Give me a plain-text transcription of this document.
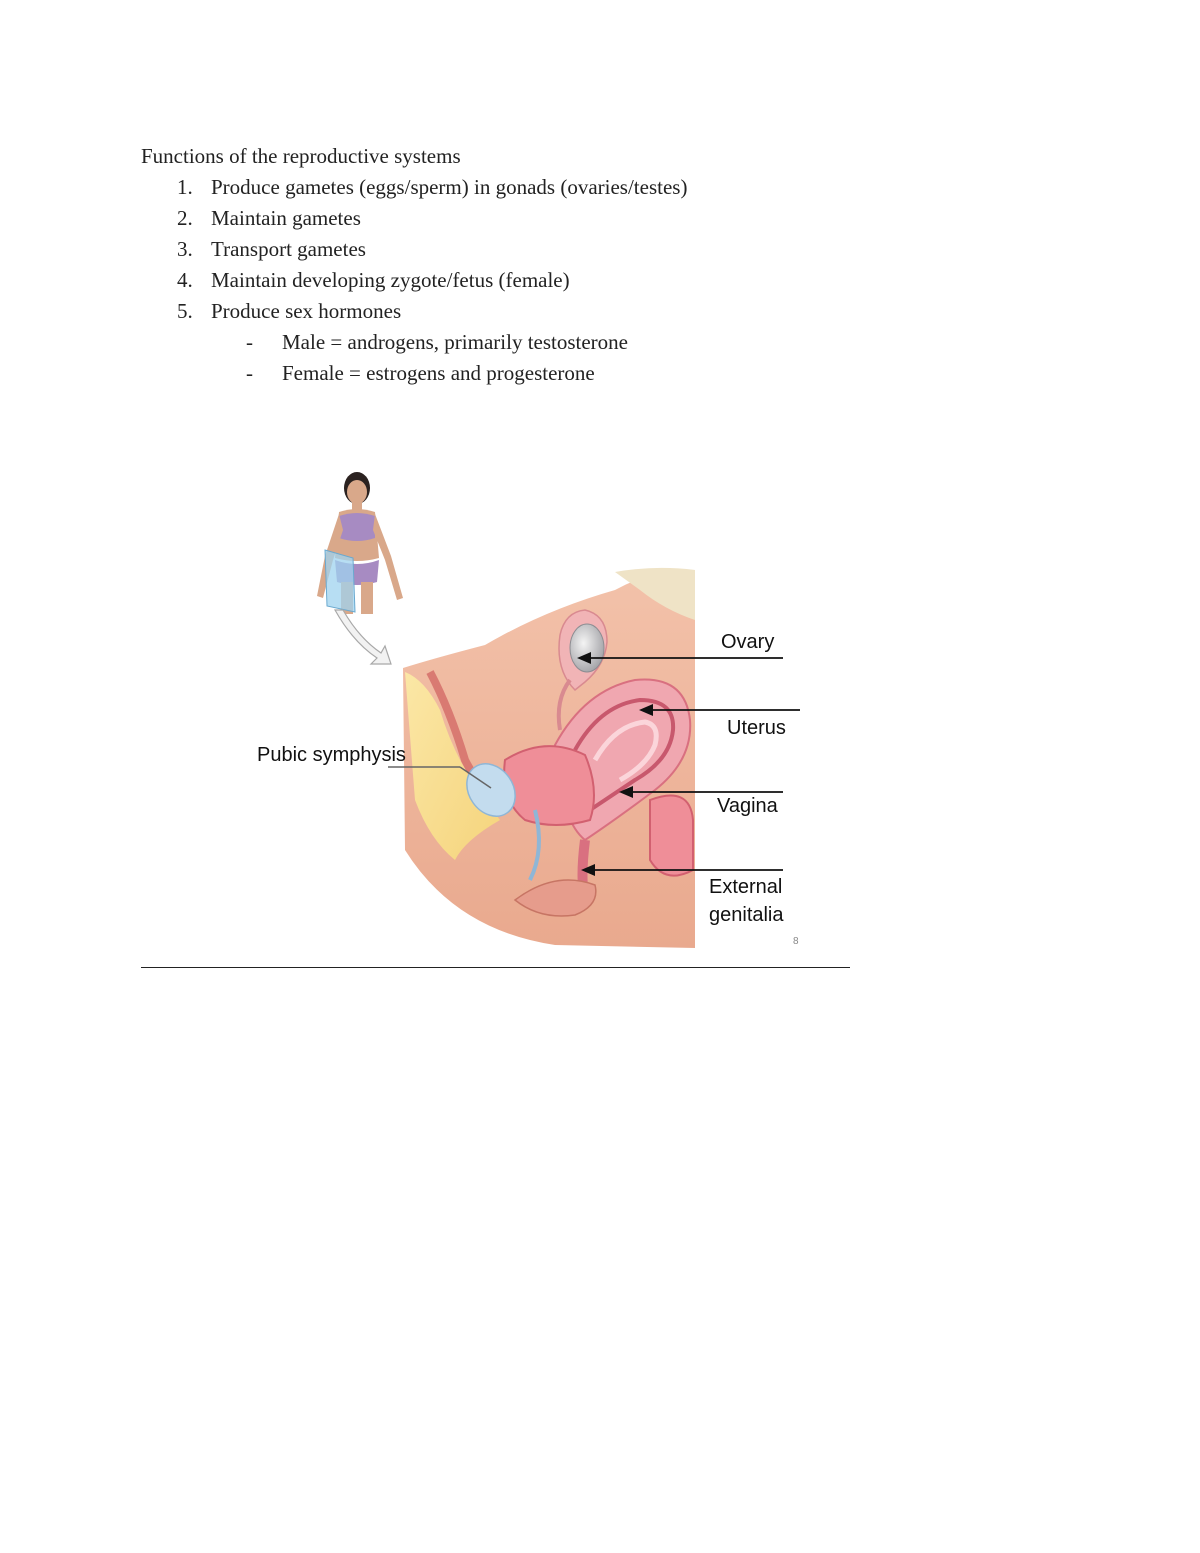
Functions of the reproductive systems
1. Produce gametes (eggs/sperm) in gonads (ovaries/testes)
2. Maintain gametes
3. Transport gametes
4. Maintain developing zygote/fetus (female)
5. Produce sex hormones
- Male = androgens, primarily testosterone
- Female = estrogens and progesterone
Ovary
Uterus
Pubic symphysis
Vagina
External
genitalia
8
